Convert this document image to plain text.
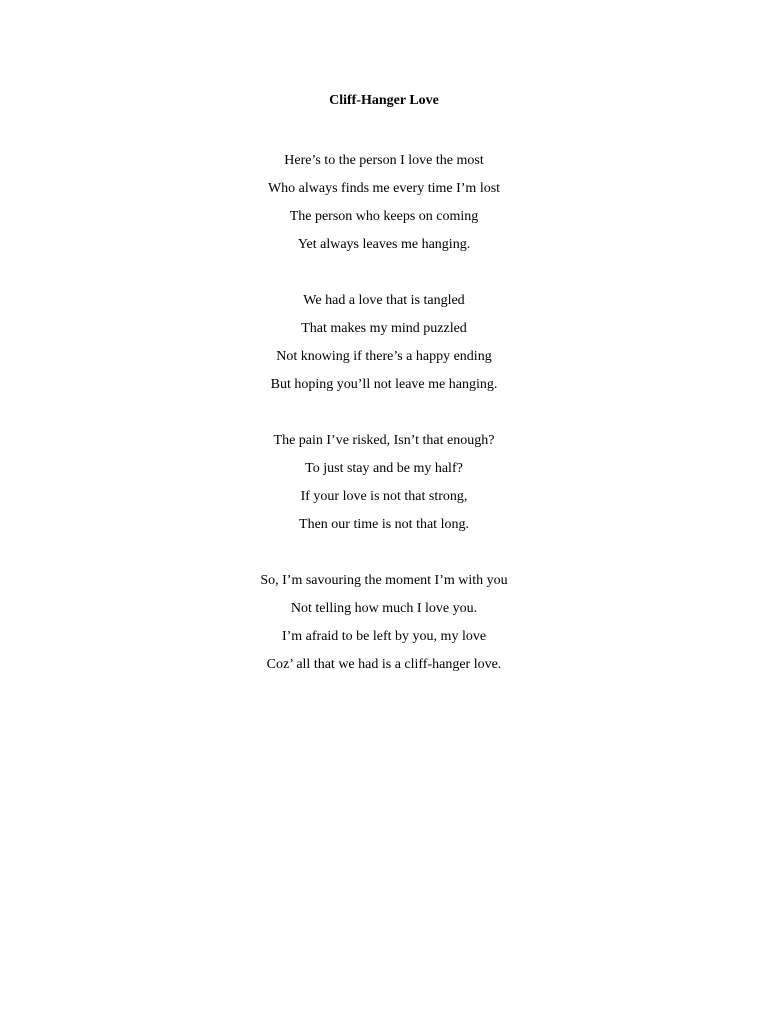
Cliff-Hanger Love
Here’s to the person I love the most
Who always finds me every time I’m lost
The person who keeps on coming
Yet always leaves me hanging.
We had a love that is tangled
That makes my mind puzzled
Not knowing if there’s a happy ending
But hoping you’ll not leave me hanging.
The pain I’ve risked, Isn’t that enough?
To just stay and be my half?
If your love is not that strong,
Then our time is not that long.
So, I’m savouring the moment I’m with you
Not telling how much I love you.
I’m afraid to be left by you, my love
Coz’ all that we had is a cliff-hanger love.
